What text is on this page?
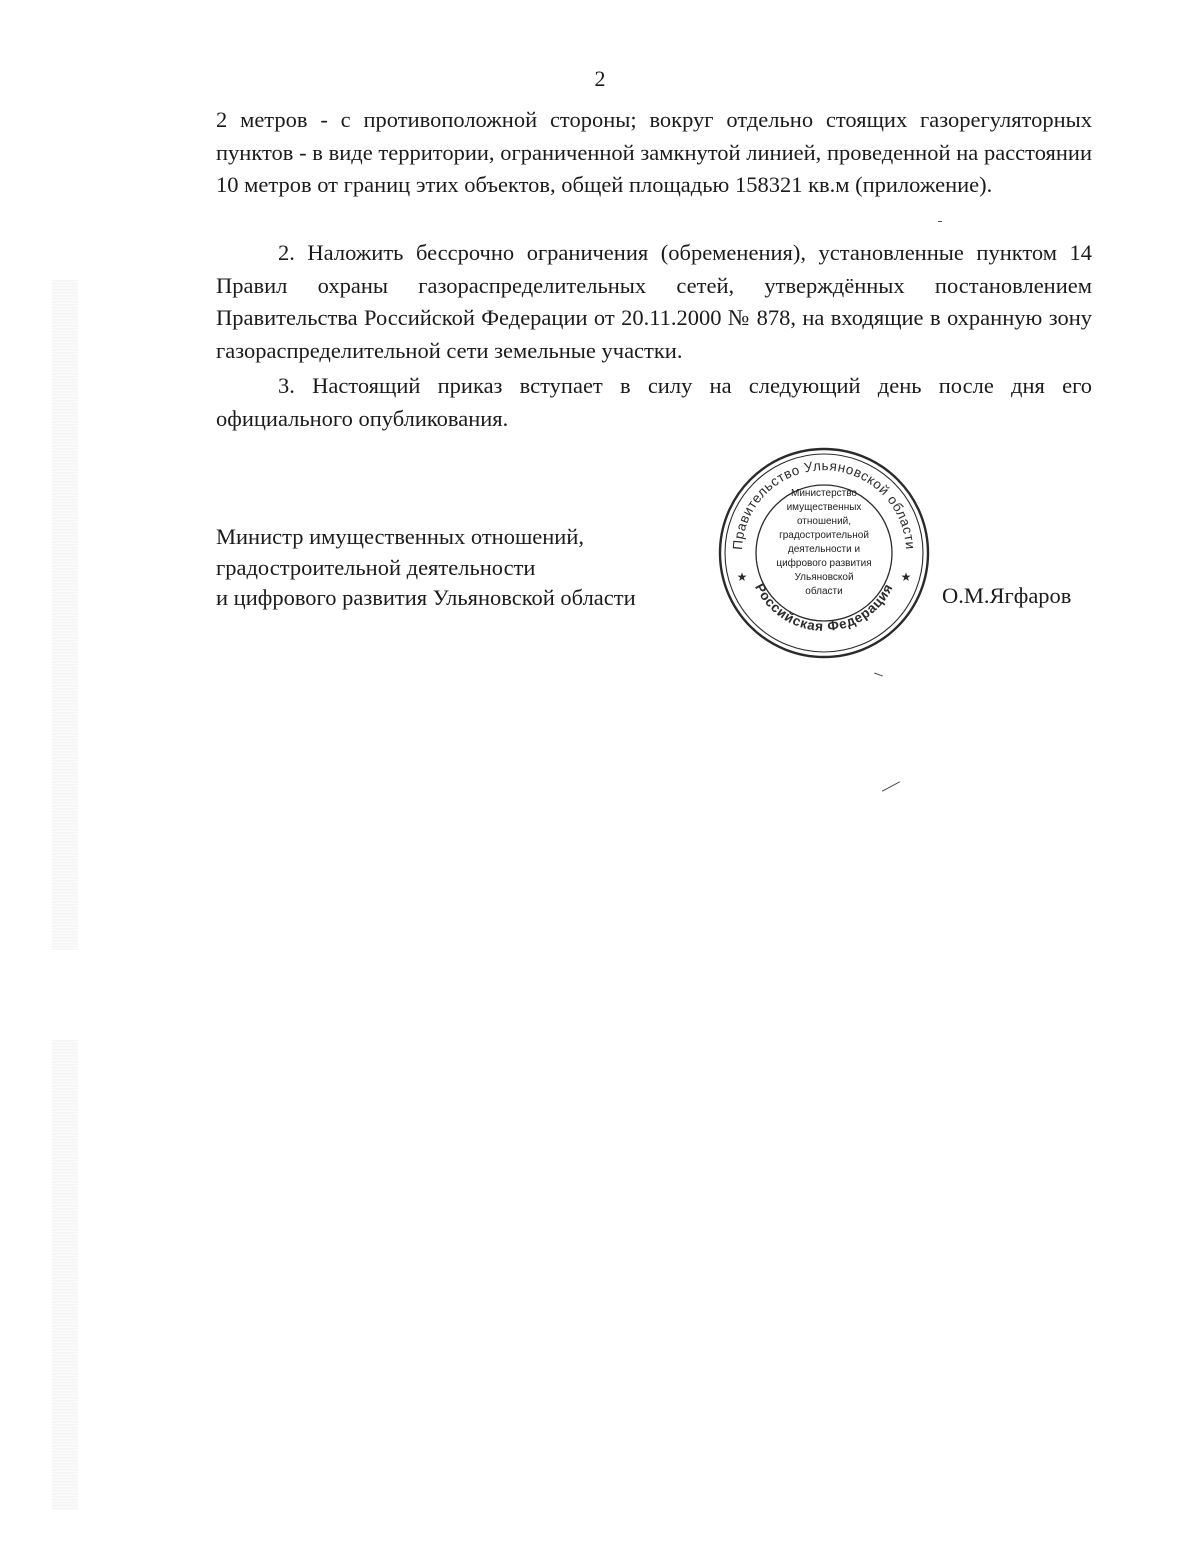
2

2 метров - с противоположной стороны; вокруг отдельно стоящих газорегуляторных пунктов - в виде территории, ограниченной замкнутой линией, проведенной на расстоянии 10 метров от границ этих объектов, общей площадью 158321 кв.м (приложение).

2. Наложить бессрочно ограничения (обременения), установленные пунктом 14 Правил охраны газораспределительных сетей, утверждённых постановлением Правительства Российской Федерации от 20.11.2000 № 878, на входящие в охранную зону газораспределительной сети земельные участки.

3. Настоящий приказ вступает в силу на следующий день после дня его официального опубликования.

Министр имущественных отношений,
градостроительной деятельности
и цифрового развития Ульяновской области	О.М.Ягфаров
Правительство Ульяновской области
Российская Федерация
★	★
Министерство
имущественных
отношений,
градостроительной
деятельности и
цифрового развития
Ульяновской
области
